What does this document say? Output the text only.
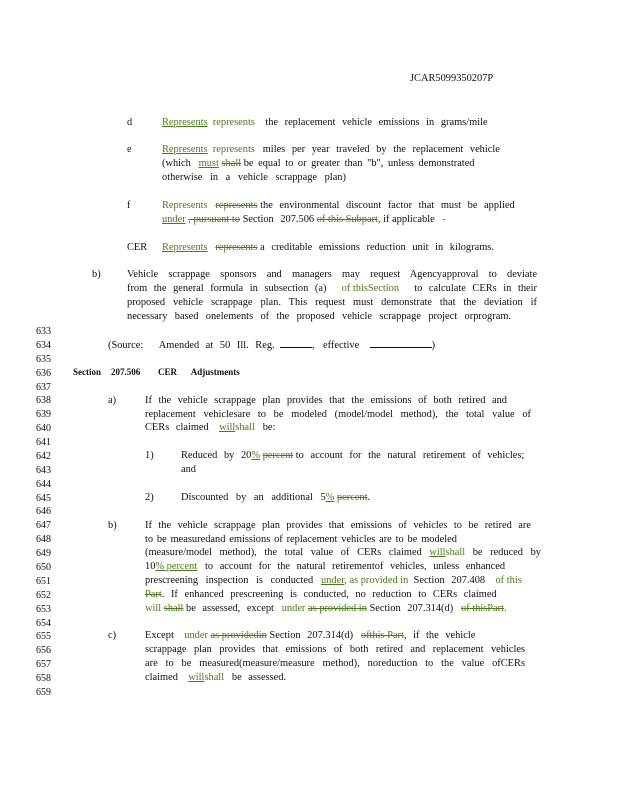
JCAR5099350207P
d	Represents represents the replacement vehicle emissions in grams/mile
e	Represents represents miles per year traveled by the replacement vehicle
(which must shall be equal to or greater than "b", unless demonstrated
otherwise in a vehicle scrappage plan)
f	Represents represents the environmental discount factor that must be applied
under , pursuant to Section 207.506 of this Subpart, if applicable -
CER Represents represents a creditable emissions reduction unit in kilograms.
b)	Vehicle scrappage sponsors and managers may request Agencyapproval to deviate
from the general formula in subsection (a) of thisSection to calculate CERs in their
proposed vehicle scrappage plan. This request must demonstrate that the deviation if
necessary based onelements of the proposed vehicle scrappage project orprogram.
633
634
635
636
637
638
639
640
641
642
643
644
645
646
647
648
649
650
651
652
653
654
655
656
657
658
659
(Source: Amended at 50 Ill. Reg.	, effective	)
Section 207.506 CER Adjustments
a)	If the vehicle scrappage plan provides that the emissions of both retired and
replacement vehiclesare to be modeled (model/model method), the total value of
CERs claimed willshall be:
1)	Reduced by 20% percent to account for the natural retirement of vehicles;
and
2)	Discounted by an additional 5% percent.
b)	If the vehicle scrappage plan provides that emissions of vehicles to be retired are
to be measuredand emissions of replacement vehicles are to be modeled
(measure/model method), the total value of CERs claimed willshall be reduced by
10% percent to account for the natural retirementof vehicles, unless enhanced
prescreening inspection is conducted under, as provided in Section 207.408 of this
Part. If enhanced prescreening is conducted, no reduction to CERs claimed
will shall be assessed, except under as provided in Section 207.314(d) of thisPart.
c)	Except under as providedin Section 207.314(d) ofthis Part, if the vehicle
scrappage plan provides that emissions of both retired and replacement vehicles
are to be measured(measure/measure method), noreduction to the value ofCERs
claimed willshall be assessed.
